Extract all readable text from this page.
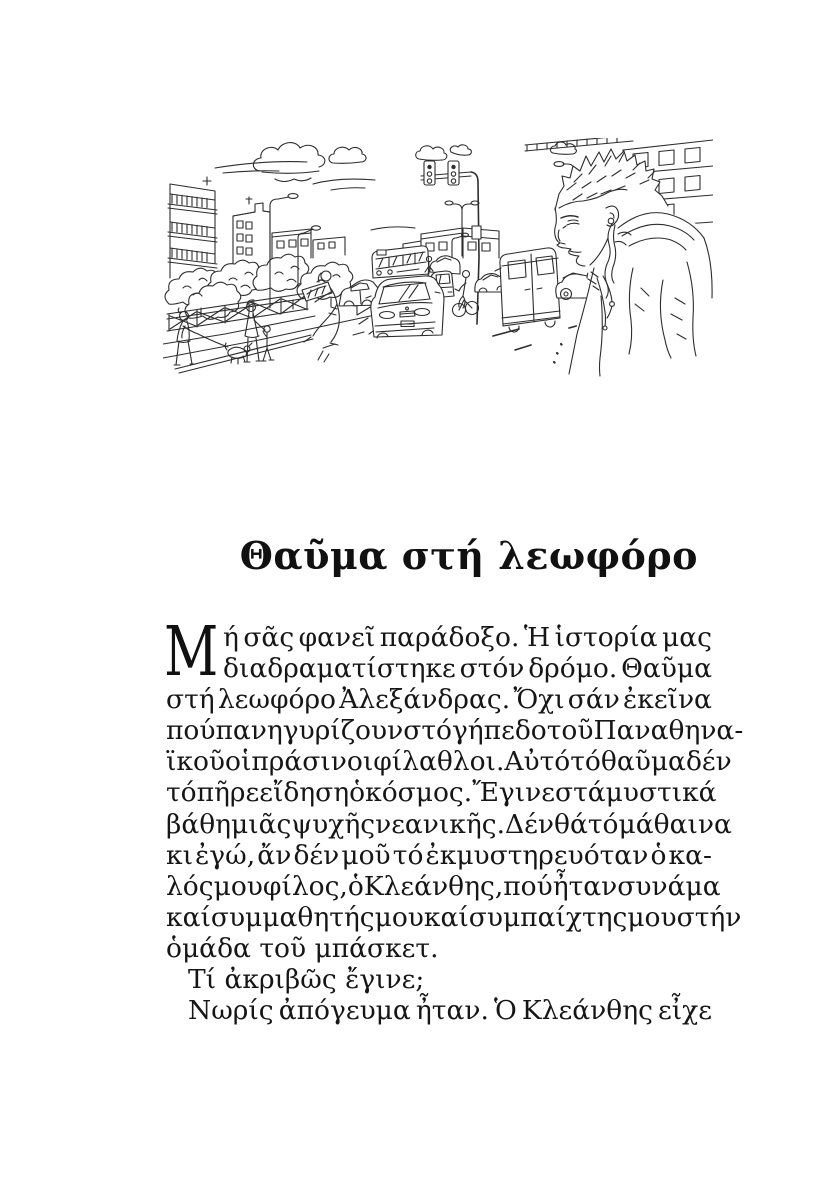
Θαῦμα στή λεωφόρο
Μ ή σᾶς φανεῖ παράδοξο. Ἡ ἱστορία μας
διαδραματίστηκε στόν δρόμο. Θαῦμα
στή λεωφόρο Ἀλεξάνδρας. Ὄχι σάν ἐκεῖνα
πού πανηγυρίζουν στό γήπεδο τοῦ Παναθηνα-
ϊκοῦ οἱ πράσινοι φίλαθλοι. Αὐτό τό θαῦμα δέν
τό πῆρε εἴδηση ὁ κόσμος. Ἔγινε στά μυστικά
βάθη μιᾶς ψυχῆς νεανικῆς. Δέν θά τό μάθαινα
κι ἐγώ, ἄν δέν μοῦ τό ἐκμυστηρευόταν ὁ κα-
λός μου φίλος, ὁ Κλεάνθης, πού ἦταν συνάμα
καί συμμαθητής μου καί συμπαίχτης μου στήν
ὁμάδα τοῦ μπάσκετ.
Τί ἀκριβῶς ἔγινε;
Νωρίς ἀπόγευμα ἦταν. Ὁ Κλεάνθης εἶχε
